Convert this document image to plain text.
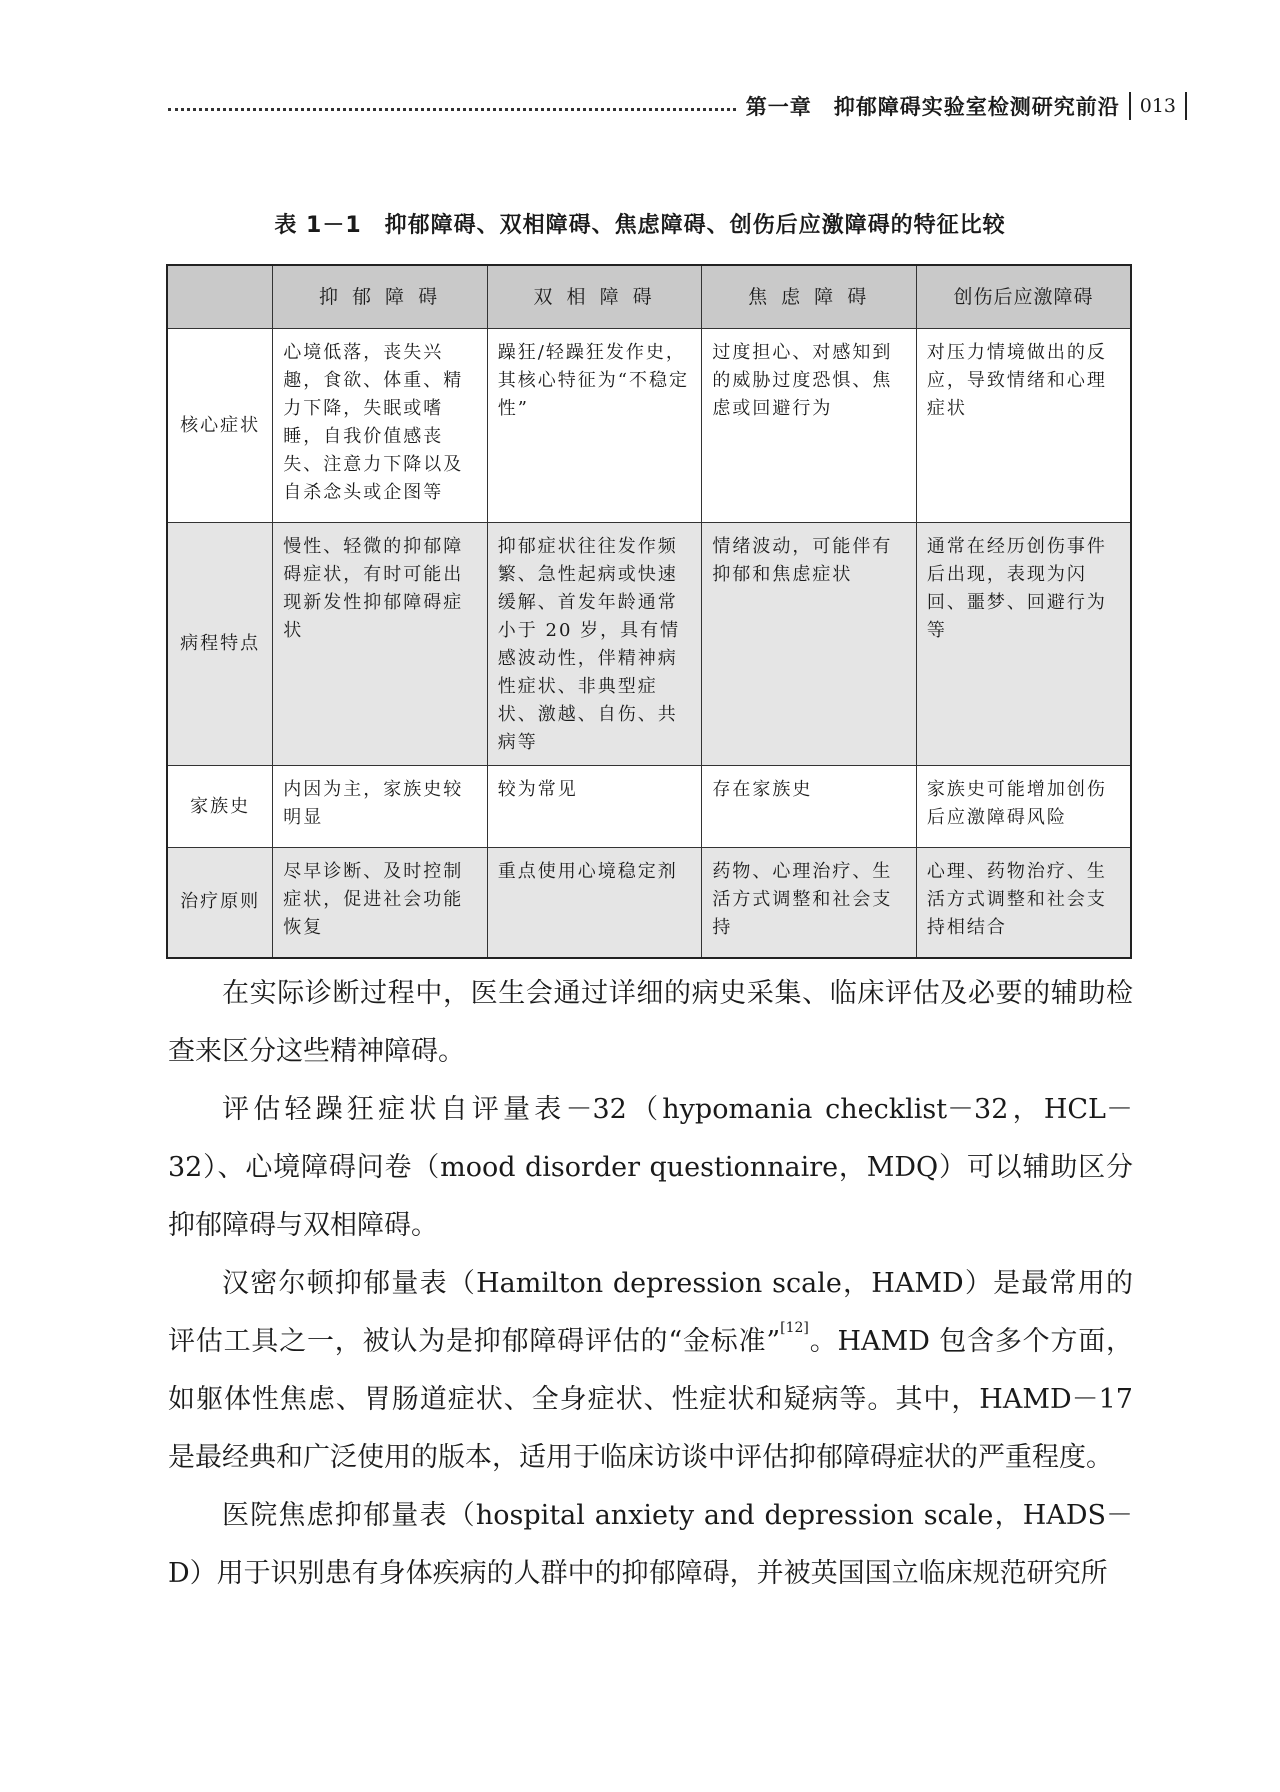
第一章　抑郁障碍实验室检测研究前沿 013
表 1－1　抑郁障碍、双相障碍、焦虑障碍、创伤后应激障碍的特征比较
	抑 郁 障 碍	双 相 障 碍	焦 虑 障 碍	创伤后应激障碍
核心症状	心境低落，丧失兴趣，食欲、体重、精力下降，失眠或嗜睡，自我价值感丧失、注意力下降以及自杀念头或企图等	躁狂/轻躁狂发作史，其核心特征为“不稳定性”	过度担心、对感知到的威胁过度恐惧、焦虑或回避行为	对压力情境做出的反应，导致情绪和心理症状
病程特点	慢性、轻微的抑郁障碍症状，有时可能出现新发性抑郁障碍症状	抑郁症状往往发作频繁、急性起病或快速缓解、首发年龄通常小于 20 岁，具有情感波动性，伴精神病性症状、非典型症状、激越、自伤、共病等	情绪波动，可能伴有抑郁和焦虑症状	通常在经历创伤事件后出现，表现为闪回、噩梦、回避行为等
家族史	内因为主，家族史较明显	较为常见	存在家族史	家族史可能增加创伤后应激障碍风险
治疗原则	尽早诊断、及时控制症状，促进社会功能恢复	重点使用心境稳定剂	药物、心理治疗、生活方式调整和社会支持	心理、药物治疗、生活方式调整和社会支持相结合

在实际诊断过程中，医生会通过详细的病史采集、临床评估及必要的辅助检查来区分这些精神障碍。

评估轻躁狂症状自评量表－32（hypomania checklist－32，HCL－32）、心境障碍问卷（mood disorder questionnaire，MDQ）可以辅助区分抑郁障碍与双相障碍。

汉密尔顿抑郁量表（Hamilton depression scale，HAMD）是最常用的评估工具之一，被认为是抑郁障碍评估的“金标准”[12]。HAMD 包含多个方面，如躯体性焦虑、胃肠道症状、全身症状、性症状和疑病等。其中，HAMD－17 是最经典和广泛使用的版本，适用于临床访谈中评估抑郁障碍症状的严重程度。

医院焦虑抑郁量表（hospital anxiety and depression scale，HADS－D）用于识别患有身体疾病的人群中的抑郁障碍，并被英国国立临床规范研究所
